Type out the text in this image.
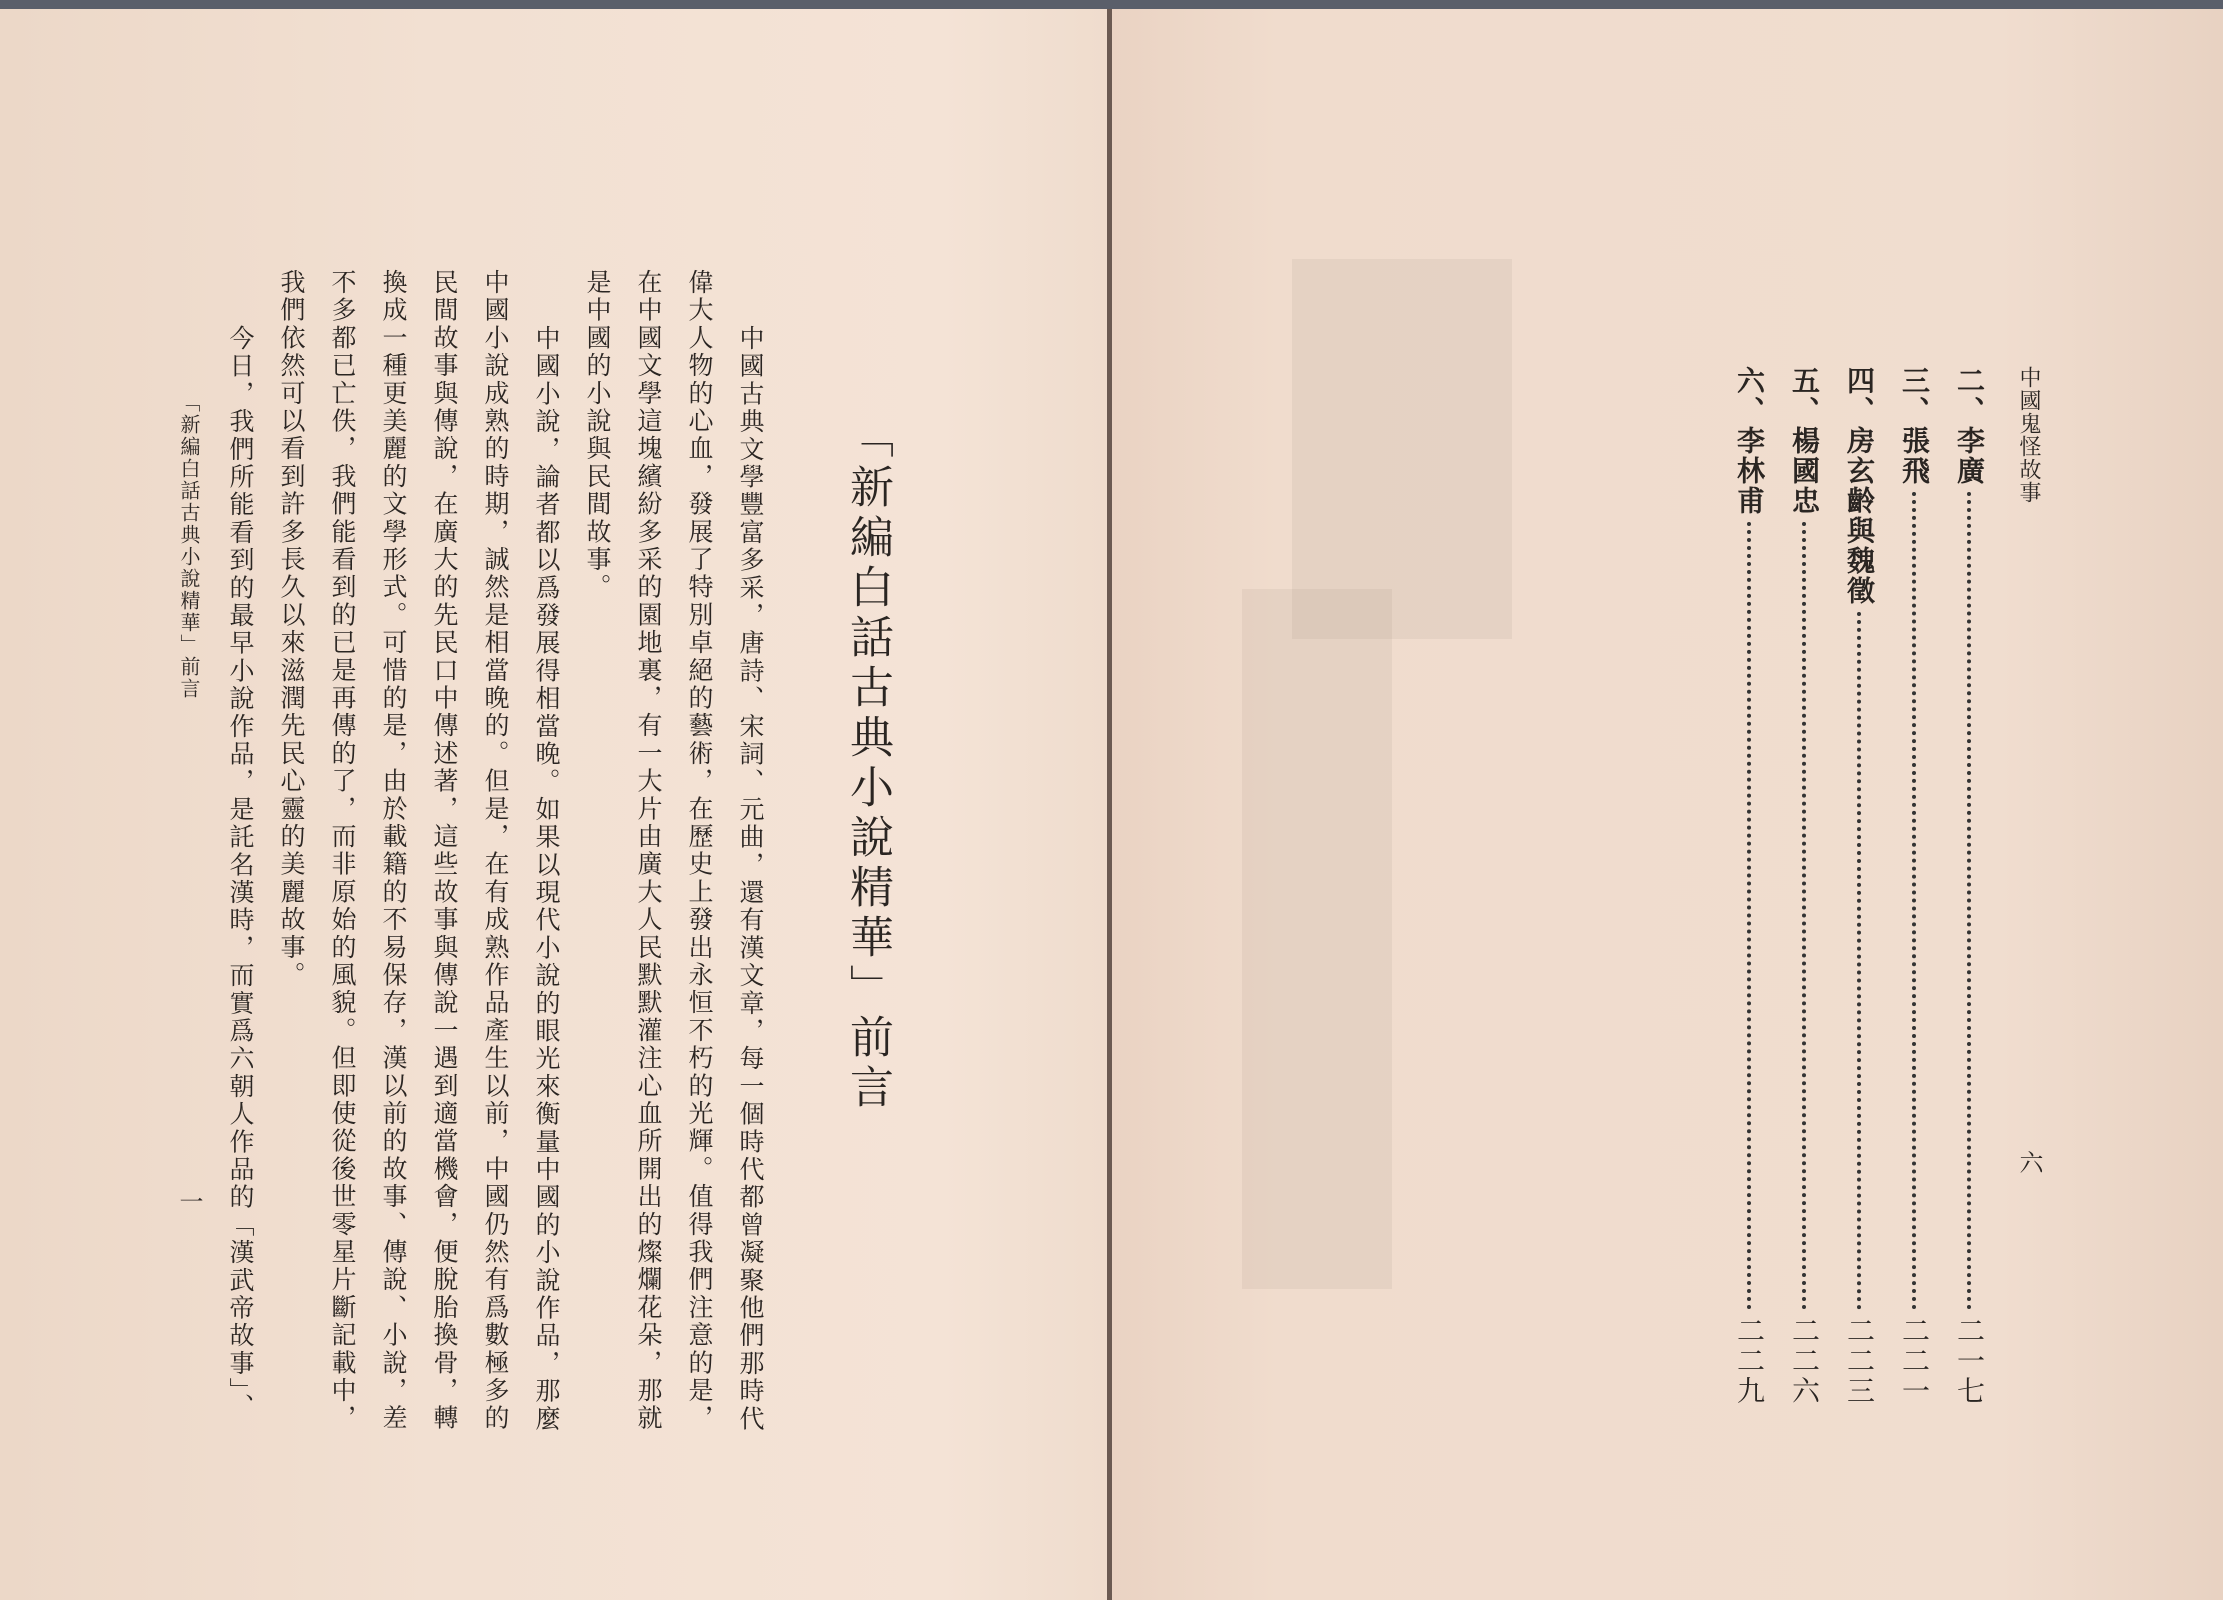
「新編白話古典小說精華」前言
中國古典文學豐富多采，唐詩、宋詞、元曲，還有漢文章，每一個時代都曾凝聚他們那時代
偉大人物的心血，發展了特別卓絕的藝術，在歷史上發出永恒不朽的光輝。值得我們注意的是，
在中國文學這塊繽紛多采的園地裏，有一大片由廣大人民默默灌注心血所開出的燦爛花朵，那就
是中國的小說與民間故事。
中國小說，論者都以爲發展得相當晚。如果以現代小說的眼光來衡量中國的小說作品，那麼
中國小說成熟的時期，誠然是相當晚的。但是，在有成熟作品產生以前，中國仍然有爲數極多的
民間故事與傳說，在廣大的先民口中傳述著，這些故事與傳說一遇到適當機會，便脫胎換骨，轉
換成一種更美麗的文學形式。可惜的是，由於載籍的不易保存，漢以前的故事、傳說、小說，差
不多都已亡佚，我們能看到的已是再傳的了，而非原始的風貌。但即使從後世零星片斷記載中，
我們依然可以看到許多長久以來滋潤先民心靈的美麗故事。
今日，我們所能看到的最早小說作品，是託名漢時，而實爲六朝人作品的「漢武帝故事」、
「新編白話古典小說精華」前言
一
中國鬼怪故事
六
二、李廣
二一七
三、張飛
二二一
四、房玄齡與魏徵
二二三
五、楊國忠
二二六
六、李林甫
二二九
